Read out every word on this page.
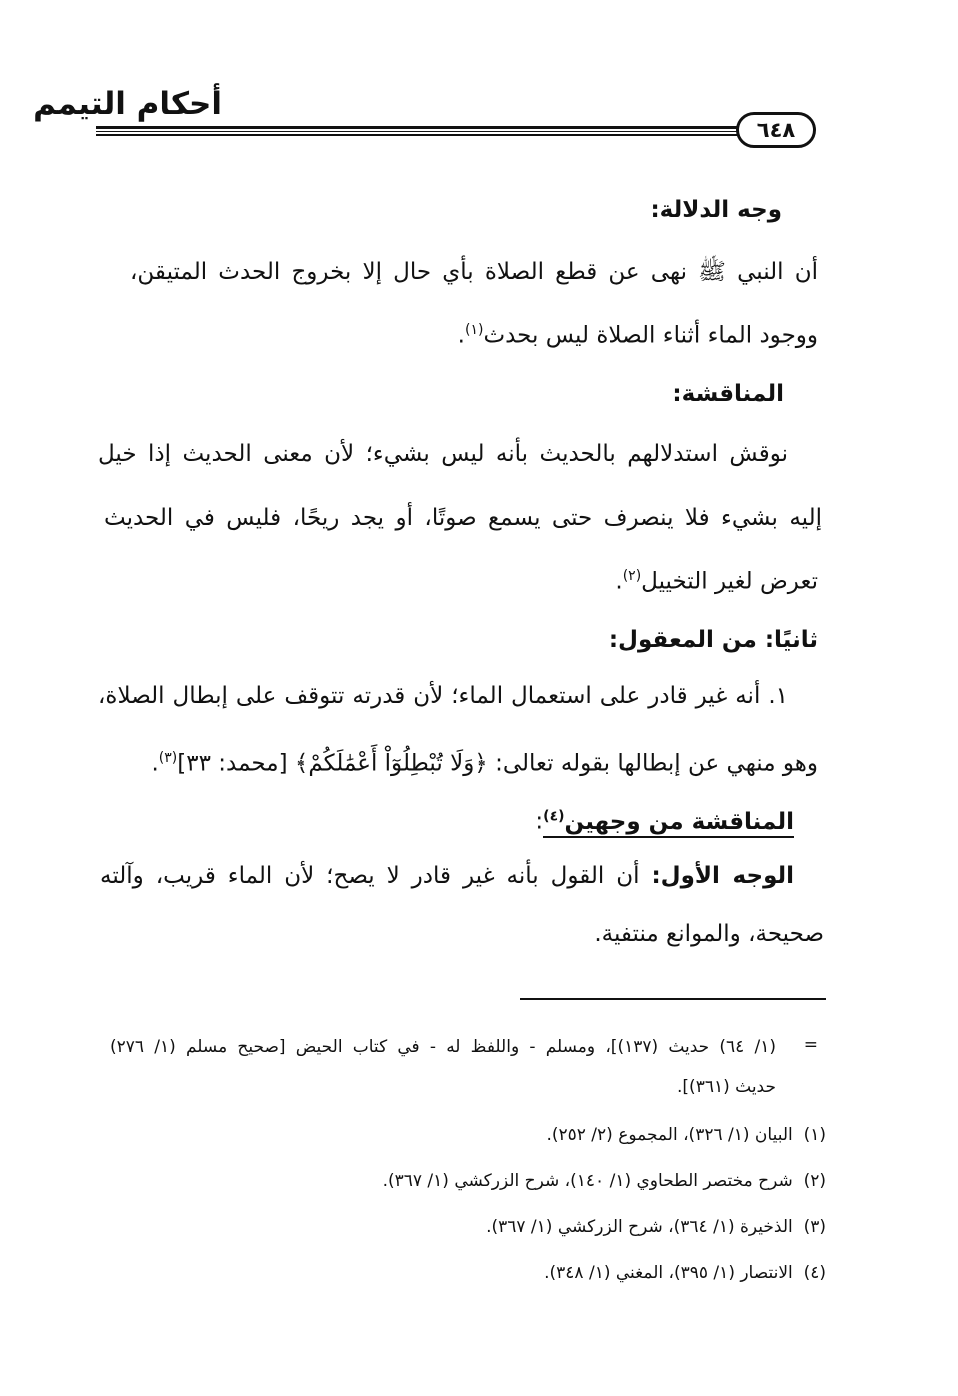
أحكام التيمم
٦٤٨
وجه الدلالة:
أن النبي ﷺ نهى عن قطع الصلاة بأي حال إلا بخروج الحدث المتيقن،
ووجود الماء أثناء الصلاة ليس بحدث$^{(١)}$.
المناقشة:
نوقش استدلالهم بالحديث بأنه ليس بشيء؛ لأن معنى الحديث إذا خيل
إليه بشيء فلا ينصرف حتى يسمع صوتًا، أو يجد ريحًا، فليس في الحديث
تعرض لغير التخييل$^{(٢)}$.
ثانيًا: من المعقول:
١. أنه غير قادر على استعمال الماء؛ لأن قدرته تتوقف على إبطال الصلاة،
وهو منهي عن إبطالها بقوله تعالى: ﴿وَلَا تُبْطِلُوٓاْ أَعْمَٰلَكُمْ﴾ [محمد: ٣٣]$^{(٣)}$.
المناقشة من وجهين$^{(٤)}$:
الوجه الأول: أن القول بأنه غير قادر لا يصح؛ لأن الماء قريب، وآلته
صحيحة، والموانع منتفية.
=
(١/ ٦٤) حديث (١٣٧)]، ومسلم - واللفظ له - في كتاب الحيض [صحيح مسلم (١/ ٢٧٦)
حديث (٣٦١)].
(١)  البيان (١/ ٣٢٦)، المجموع (٢/ ٢٥٢).
(٢)  شرح مختصر الطحاوي (١/ ١٤٠)، شرح الزركشي (١/ ٣٦٧).
(٣)  الذخيرة (١/ ٣٦٤)، شرح الزركشي (١/ ٣٦٧).
(٤)  الانتصار (١/ ٣٩٥)، المغني (١/ ٣٤٨).
